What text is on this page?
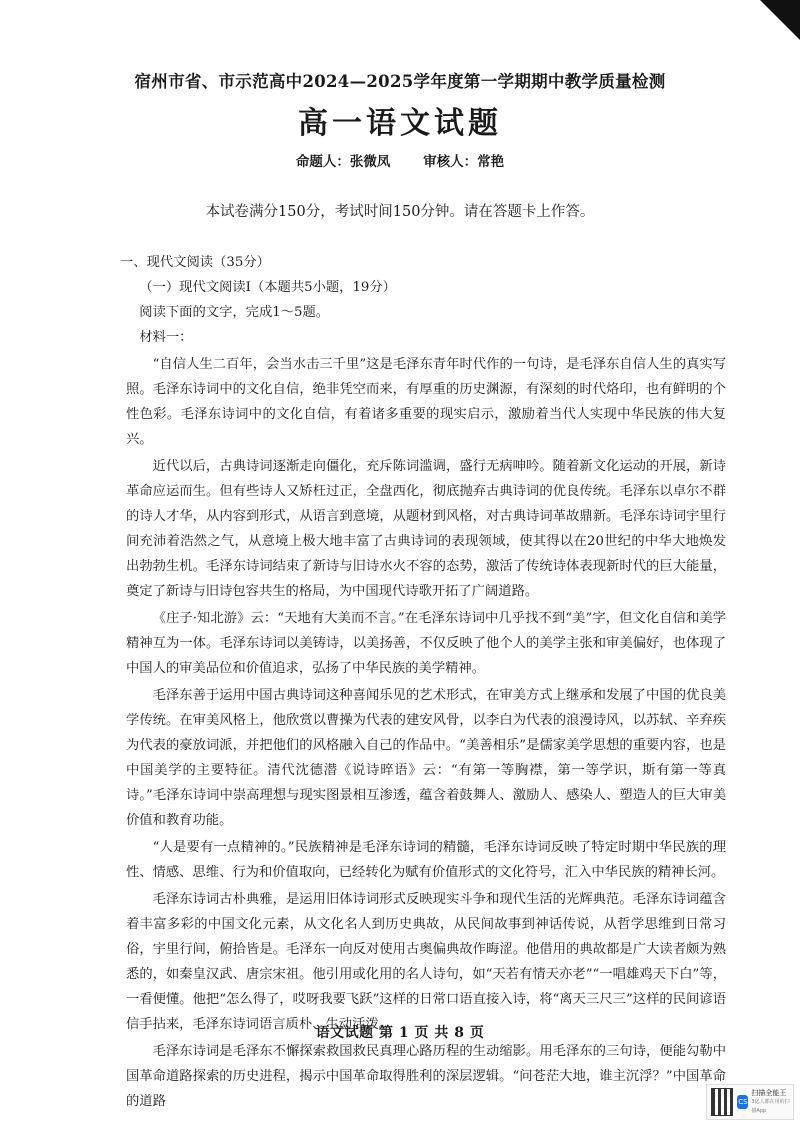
宿州市省、市示范高中2024—2025学年度第一学期期中教学质量检测
高一语文试题
命题人：张微凤 审核人：常艳
本试卷满分150分，考试时间150分钟。请在答题卡上作答。

一、现代文阅读（35分）

（一）现代文阅读Ⅰ（本题共5小题，19分）

阅读下面的文字，完成1～5题。

材料一：

“自信人生二百年，会当水击三千里”这是毛泽东青年时代作的一句诗，是毛泽东自信人生的真实写照。毛泽东诗词中的文化自信，绝非凭空而来，有厚重的历史渊源，有深刻的时代烙印，也有鲜明的个性色彩。毛泽东诗词中的文化自信，有着诸多重要的现实启示，激励着当代人实现中华民族的伟大复兴。

近代以后，古典诗词逐渐走向僵化，充斥陈词滥调，盛行无病呻吟。随着新文化运动的开展，新诗革命应运而生。但有些诗人又矫枉过正，全盘西化，彻底抛弃古典诗词的优良传统。毛泽东以卓尔不群的诗人才华，从内容到形式，从语言到意境，从题材到风格，对古典诗词革故鼎新。毛泽东诗词宇里行间充沛着浩然之气，从意境上极大地丰富了古典诗词的表现领域，使其得以在20世纪的中华大地焕发出勃勃生机。毛泽东诗词结束了新诗与旧诗水火不容的态势，激活了传统诗体表现新时代的巨大能量，奠定了新诗与旧诗包容共生的格局，为中国现代诗歌开拓了广阔道路。

《庄子·知北游》云：“天地有大美而不言。”在毛泽东诗词中几乎找不到“美”字，但文化自信和美学精神互为一体。毛泽东诗词以美铸诗，以美扬善，不仅反映了他个人的美学主张和审美偏好，也体现了中国人的审美品位和价值追求，弘扬了中华民族的美学精神。

毛泽东善于运用中国古典诗词这种喜闻乐见的艺术形式，在审美方式上继承和发展了中国的优良美学传统。在审美风格上，他欣赏以曹操为代表的建安风骨，以李白为代表的浪漫诗风，以苏轼、辛弃疾为代表的豪放词派，并把他们的风格融入自己的作品中。“美善相乐”是儒家美学思想的重要内容，也是中国美学的主要特征。清代沈德潜《说诗晬语》云：“有第一等胸襟，第一等学识，斯有第一等真诗。”毛泽东诗词中崇高理想与现实图景相互渗透，蕴含着鼓舞人、激励人、感染人、塑造人的巨大审美价值和教育功能。

“人是要有一点精神的。”民族精神是毛泽东诗词的精髓，毛泽东诗词反映了特定时期中华民族的理性、情感、思维、行为和价值取向，已经转化为赋有价值形式的文化符号，汇入中华民族的精神长河。

毛泽东诗词古朴典雅，是运用旧体诗词形式反映现实斗争和现代生活的光辉典范。毛泽东诗词蕴含着丰富多彩的中国文化元素，从文化名人到历史典故，从民间故事到神话传说，从哲学思维到日常习俗，宇里行间，俯拾皆是。毛泽东一向反对使用古奥偏典故作晦涩。他借用的典故都是广大读者颇为熟悉的，如秦皇汉武、唐宗宋祖。他引用或化用的名人诗句，如“天若有情天亦老”“一唱雄鸡天下白”等，一看便懂。他把“怎么得了，哎呀我要飞跃”这样的日常口语直接入诗，将“离天三尺三”这样的民间谚语信手拈来，毛泽东诗词语言质朴、生动活泼。

毛泽东诗词是毛泽东不懈探索救国救民真理心路历程的生动缩影。用毛泽东的三句诗，便能勾勒中国革命道路探索的历史进程，揭示中国革命取得胜利的深层逻辑。“问苍茫大地，谁主沉浮？”中国革命的道路

语文试题 第 1 页 共 8 页
CS
扫描全能王
3亿人都在用的扫描App
